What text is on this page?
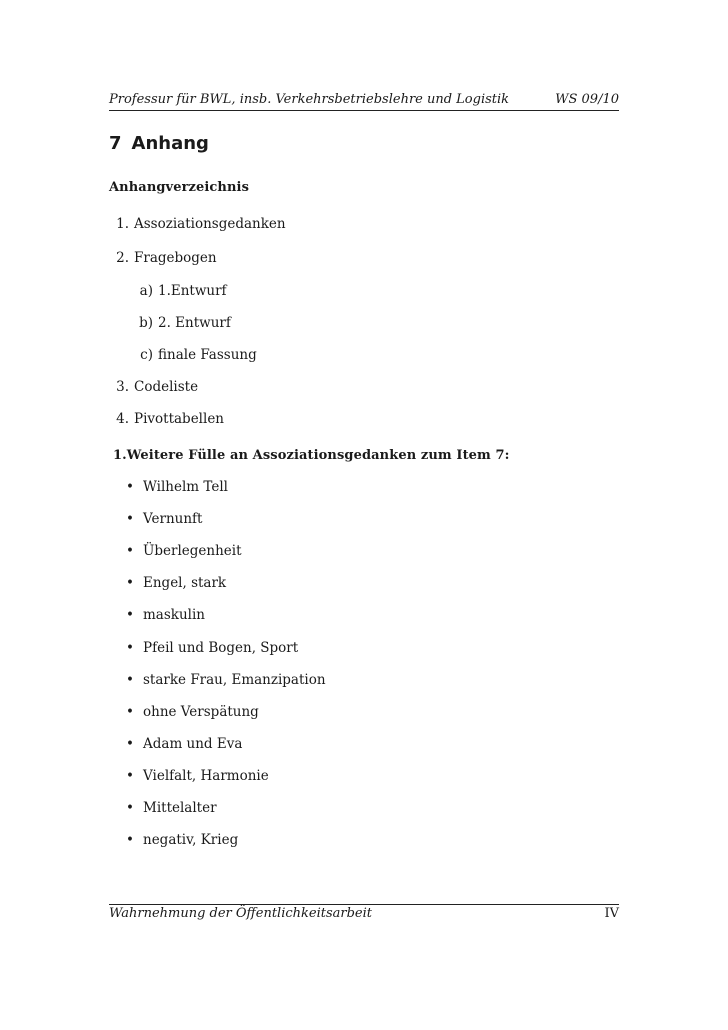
Professur für BWL, insb. Verkehrsbetriebslehre und Logistik	WS 09/10
7 Anhang
Anhangverzeichnis
1. Assoziationsgedanken
2. Fragebogen
a) 1.Entwurf
b) 2. Entwurf
c) finale Fassung
3. Codeliste
4. Pivottabellen
1.Weitere Fülle an Assoziationsgedanken zum Item 7:
• Wilhelm Tell
• Vernunft
• Überlegenheit
• Engel, stark
• maskulin
• Pfeil und Bogen, Sport
• starke Frau, Emanzipation
• ohne Verspätung
• Adam und Eva
• Vielfalt, Harmonie
• Mittelalter
• negativ, Krieg
Wahrnehmung der Öffentlichkeitsarbeit	IV
